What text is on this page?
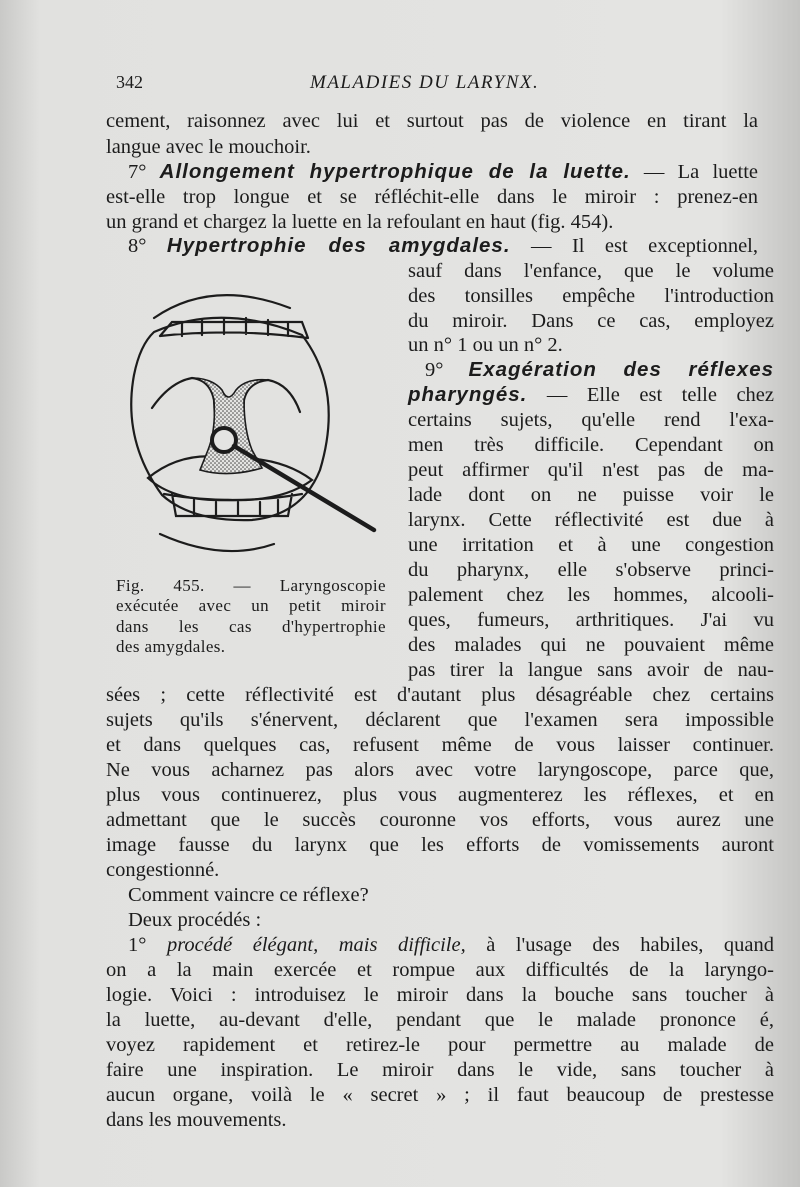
342	MALADIES DU LARYNX.
cement, raisonnez avec lui et surtout pas de violence en tirant la
langue avec le mouchoir.
7° Allongement hypertrophique de la luette. — La luette
est-elle trop longue et se réfléchit-elle dans le miroir : prenez-en
un grand et chargez la luette en la refoulant en haut (fig. 454).
8° Hypertrophie des amygdales. — Il est exceptionnel,
sauf dans l'enfance, que le volume
des tonsilles empêche l'introduction
du miroir. Dans ce cas, employez
un n° 1 ou un n° 2.
9° Exagération des réflexes
pharyngés. — Elle est telle chez
certains sujets, qu'elle rend l'exa-
men très difficile. Cependant on
peut affirmer qu'il n'est pas de ma-
lade dont on ne puisse voir le
larynx. Cette réflectivité est due à
une irritation et à une congestion
du pharynx, elle s'observe princi-
palement chez les hommes, alcooli-
ques, fumeurs, arthritiques. J'ai vu
des malades qui ne pouvaient même
pas tirer la langue sans avoir de nau-
Fig. 455. — Laryngoscopie
exécutée avec un petit miroir
dans les cas d'hypertrophie
des amygdales.
sées ; cette réflectivité est d'autant plus désagréable chez certains
sujets qu'ils s'énervent, déclarent que l'examen sera impossible
et dans quelques cas, refusent même de vous laisser continuer.
Ne vous acharnez pas alors avec votre laryngoscope, parce que,
plus vous continuerez, plus vous augmenterez les réflexes, et en
admettant que le succès couronne vos efforts, vous aurez une
image fausse du larynx que les efforts de vomissements auront
congestionné.
Comment vaincre ce réflexe?
Deux procédés :
1° procédé élégant, mais difficile, à l'usage des habiles, quand
on a la main exercée et rompue aux difficultés de la laryngo-
logie. Voici : introduisez le miroir dans la bouche sans toucher à
la luette, au-devant d'elle, pendant que le malade prononce é,
voyez rapidement et retirez-le pour permettre au malade de
faire une inspiration. Le miroir dans le vide, sans toucher à
aucun organe, voilà le « secret » ; il faut beaucoup de prestesse
dans les mouvements.
